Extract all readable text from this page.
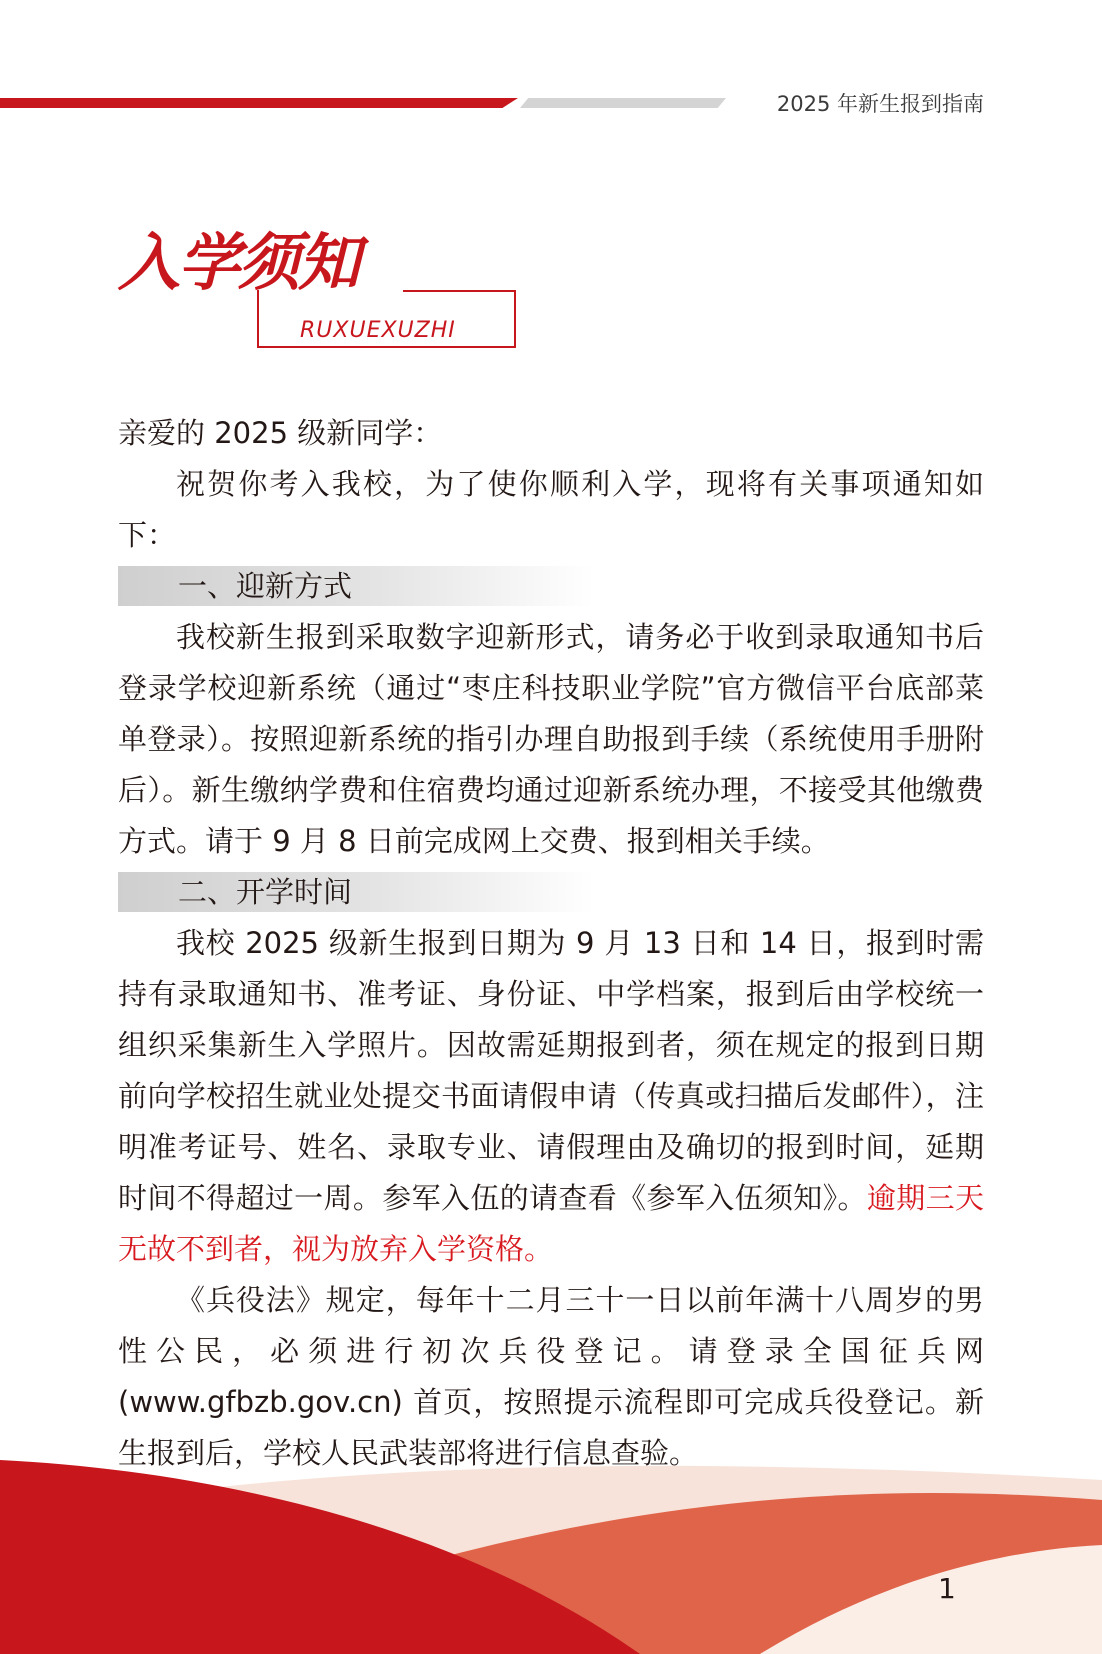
2025 年新生报到指南
入学须知
RUXUEXUZHI

亲爱的 2025 级新同学：

祝贺你考入我校，为了使你顺利入学，现将有关事项通知如下：

一、迎新方式

我校新生报到采取数字迎新形式，请务必于收到录取通知书后登录学校迎新系统（通过“枣庄科技职业学院”官方微信平台底部菜单登录）。按照迎新系统的指引办理自助报到手续（系统使用手册附后）。新生缴纳学费和住宿费均通过迎新系统办理，不接受其他缴费方式。请于 9 月 8 日前完成网上交费、报到相关手续。

二、开学时间

我校 2025 级新生报到日期为 9 月 13 日和 14 日，报到时需持有录取通知书、准考证、身份证、中学档案，报到后由学校统一组织采集新生入学照片。因故需延期报到者，须在规定的报到日期前向学校招生就业处提交书面请假申请（传真或扫描后发邮件），注明准考证号、姓名、录取专业、请假理由及确切的报到时间，延期时间不得超过一周。参军入伍的请查看《参军入伍须知》。逾期三天无故不到者，视为放弃入学资格。

《兵役法》规定，每年十二月三十一日以前年满十八周岁的男性公民，必须进行初次兵役登记。请登录全国征兵网 (www.gfbzb.gov.cn) 首页，按照提示流程即可完成兵役登记。新生报到后，学校人民武装部将进行信息查验。

1
